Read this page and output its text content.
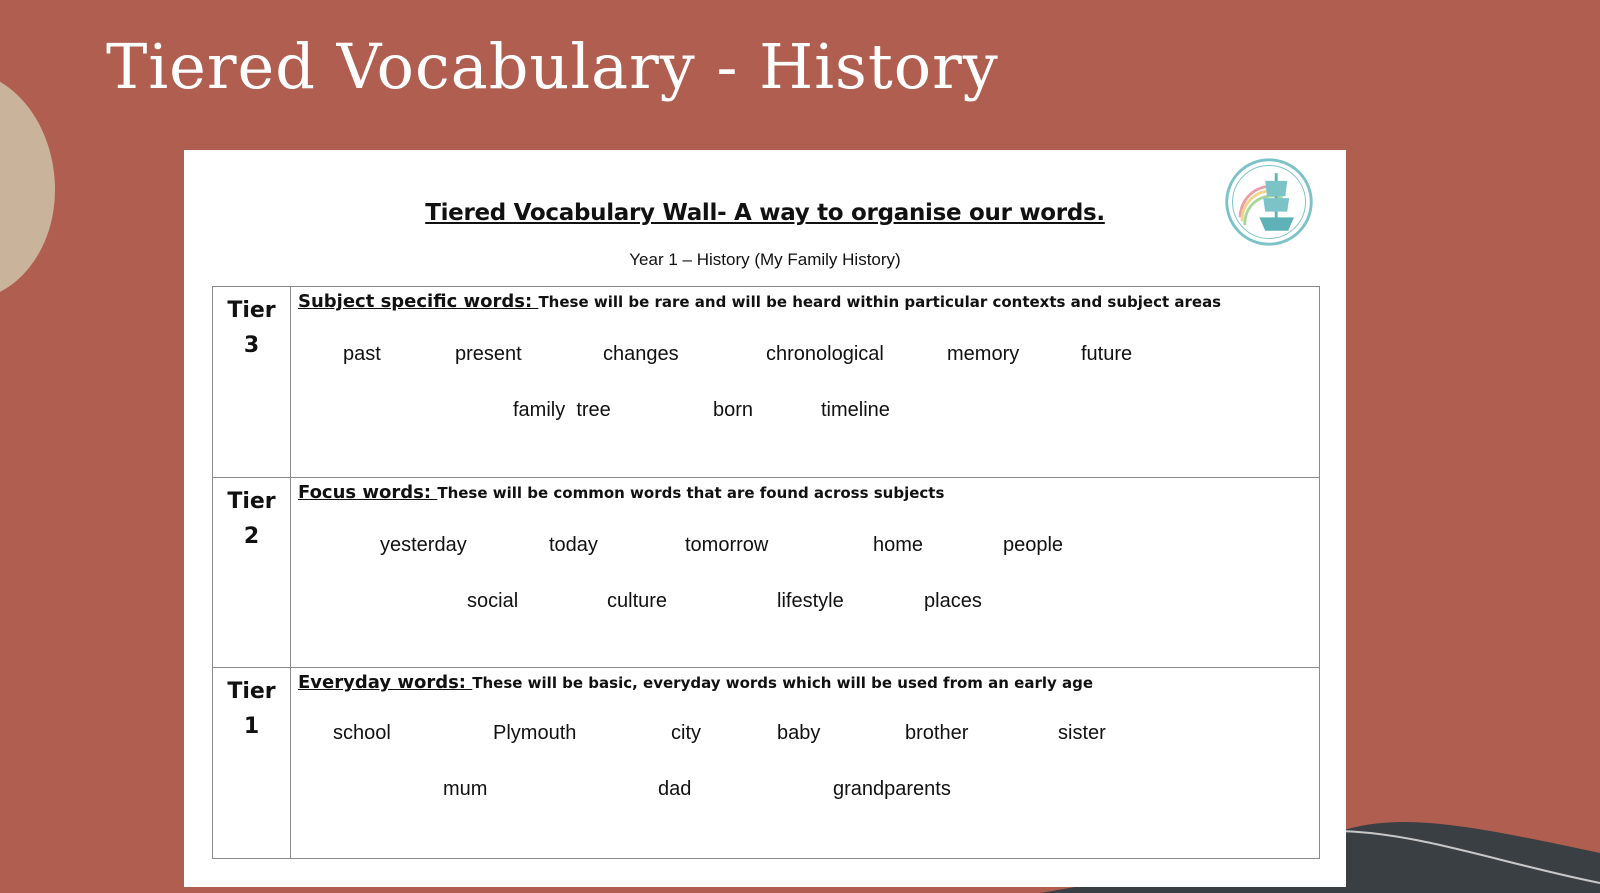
Tiered Vocabulary - History
Tiered Vocabulary Wall- A way to organise our words.
Year 1 – History (My Family History)
Tier
3
Subject specific words: These will be rare and will be heard within particular contexts and subject areas
past	present	changes	chronological	memory	future
family  tree	born	timeline
Tier
2
Focus words: These will be common words that are found across subjects
yesterday	today	tomorrow	home	people
social	culture	lifestyle	places
Tier
1
Everyday words: These will be basic, everyday words which will be used from an early age
school	Plymouth	city	baby	brother	sister
mum	dad	grandparents
